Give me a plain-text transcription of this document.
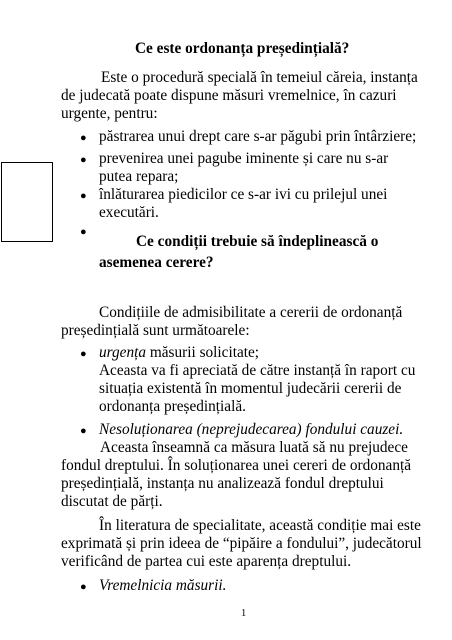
Ce este ordonanța președințială?
Este o procedură specială în temeiul căreia, instanța
de judecată poate dispune măsuri vremelnice, în cazuri
urgente, pentru:
● păstrarea unui drept care s-ar păgubi prin întârziere;
● prevenirea unei pagube iminente și care nu s-ar
putea repara;
● înlăturarea piedicilor ce s-ar ivi cu prilejul unei
executări.
●
Ce condiții trebuie să îndeplinească o
asemenea cerere?
Condițiile de admisibilitate a cererii de ordonanță
președințială sunt următoarele:
● urgența măsurii solicitate;
Aceasta va fi apreciată de către instanță în raport cu
situația existentă în momentul judecării cererii de
ordonanța președințială.
● Nesoluționarea (neprejudecarea) fondului cauzei.
Aceasta înseamnă ca măsura luată să nu prejudece
fondul dreptului. În soluționarea unei cereri de ordonanță
președințială, instanța nu analizează fondul dreptului
discutat de părți.
În literatura de specialitate, această condiție mai este
exprimată și prin ideea de “pipăire a fondului”, judecătorul
verificând de partea cui este aparența dreptului.
● Vremelnicia măsurii.
1
